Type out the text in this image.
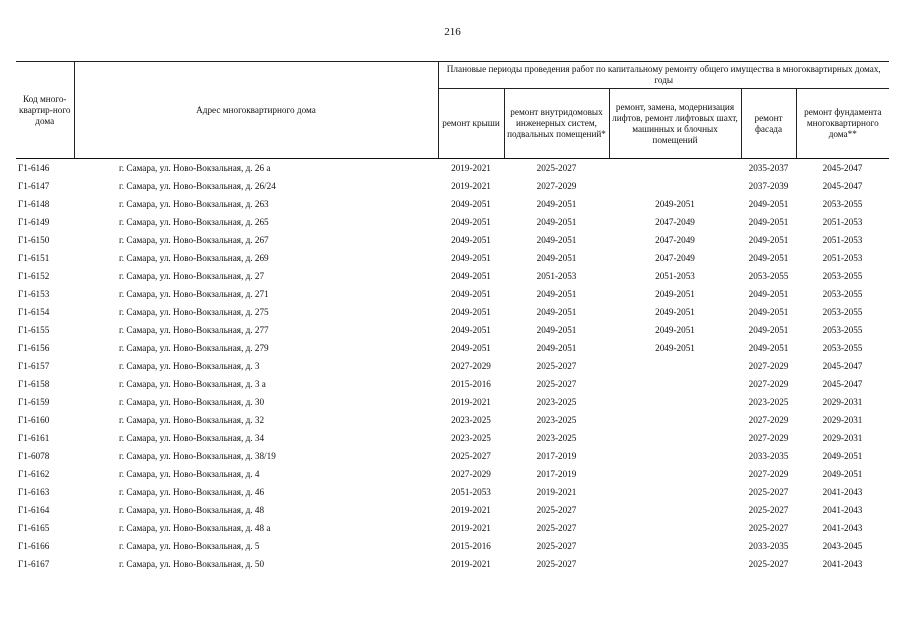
216
Код много-квартир-ного дома	Адрес многоквартирного дома	Плановые периоды проведения работ по капитальному ремонту общего имущества в многоквартирных домах, годы				
		ремонт крыши	ремонт внутридомовых инженерных систем, подвальных помещений*	ремонт, замена, модернизация лифтов, ремонт лифтовых шахт, машинных и блочных помещений	ремонт фасада	ремонт фундамента многоквартирного дома**
Г1-6146	г. Самара, ул. Ново-Вокзальная, д. 26 а	2019-2021	2025-2027		2035-2037	2045-2047
Г1-6147	г. Самара, ул. Ново-Вокзальная, д. 26/24	2019-2021	2027-2029		2037-2039	2045-2047
Г1-6148	г. Самара, ул. Ново-Вокзальная, д. 263	2049-2051	2049-2051	2049-2051	2049-2051	2053-2055
Г1-6149	г. Самара, ул. Ново-Вокзальная, д. 265	2049-2051	2049-2051	2047-2049	2049-2051	2051-2053
Г1-6150	г. Самара, ул. Ново-Вокзальная, д. 267	2049-2051	2049-2051	2047-2049	2049-2051	2051-2053
Г1-6151	г. Самара, ул. Ново-Вокзальная, д. 269	2049-2051	2049-2051	2047-2049	2049-2051	2051-2053
Г1-6152	г. Самара, ул. Ново-Вокзальная, д. 27	2049-2051	2051-2053	2051-2053	2053-2055	2053-2055
Г1-6153	г. Самара, ул. Ново-Вокзальная, д. 271	2049-2051	2049-2051	2049-2051	2049-2051	2053-2055
Г1-6154	г. Самара, ул. Ново-Вокзальная, д. 275	2049-2051	2049-2051	2049-2051	2049-2051	2053-2055
Г1-6155	г. Самара, ул. Ново-Вокзальная, д. 277	2049-2051	2049-2051	2049-2051	2049-2051	2053-2055
Г1-6156	г. Самара, ул. Ново-Вокзальная, д. 279	2049-2051	2049-2051	2049-2051	2049-2051	2053-2055
Г1-6157	г. Самара, ул. Ново-Вокзальная, д. 3	2027-2029	2025-2027		2027-2029	2045-2047
Г1-6158	г. Самара, ул. Ново-Вокзальная, д. 3 а	2015-2016	2025-2027		2027-2029	2045-2047
Г1-6159	г. Самара, ул. Ново-Вокзальная, д. 30	2019-2021	2023-2025		2023-2025	2029-2031
Г1-6160	г. Самара, ул. Ново-Вокзальная, д. 32	2023-2025	2023-2025		2027-2029	2029-2031
Г1-6161	г. Самара, ул. Ново-Вокзальная, д. 34	2023-2025	2023-2025		2027-2029	2029-2031
Г1-6078	г. Самара, ул. Ново-Вокзальная, д. 38/19	2025-2027	2017-2019		2033-2035	2049-2051
Г1-6162	г. Самара, ул. Ново-Вокзальная, д. 4	2027-2029	2017-2019		2027-2029	2049-2051
Г1-6163	г. Самара, ул. Ново-Вокзальная, д. 46	2051-2053	2019-2021		2025-2027	2041-2043
Г1-6164	г. Самара, ул. Ново-Вокзальная, д. 48	2019-2021	2025-2027		2025-2027	2041-2043
Г1-6165	г. Самара, ул. Ново-Вокзальная, д. 48 а	2019-2021	2025-2027		2025-2027	2041-2043
Г1-6166	г. Самара, ул. Ново-Вокзальная, д. 5	2015-2016	2025-2027		2033-2035	2043-2045
Г1-6167	г. Самара, ул. Ново-Вокзальная, д. 50	2019-2021	2025-2027		2025-2027	2041-2043
